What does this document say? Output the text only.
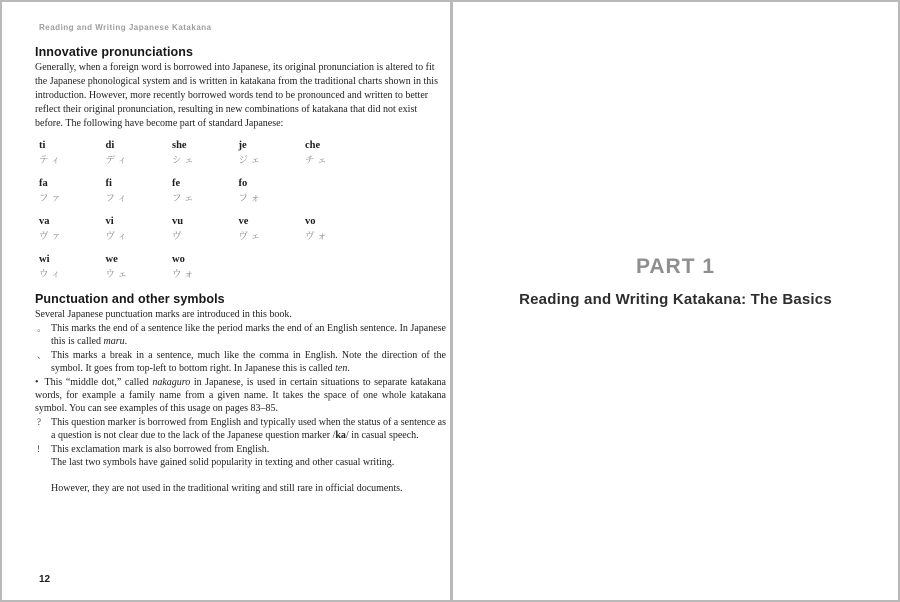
Reading and Writing Japanese Katakana
Innovative pronunciations

Generally, when a foreign word is borrowed into Japanese, its original pronunciation is altered to fit the Japanese phonological system and is written in katakana from the traditional charts shown in this introduction. However, more recently borrowed words tend to be pronounced and written to better reflect their original pronunciation, resulting in new combinations of katakana that did not exist before. The following have become part of standard Japanese:

ti
ティ
di
ディ
she
シェ
je
ジェ
che
チェ
fa
ファ
fi
フィ
fe
フェ
fo
フォ
va
ヴァ
vi
ヴィ
vu
ヴ
ve
ヴェ
vo
ヴォ
wi
ウィ
we
ウェ
wo
ウォ
Punctuation and other symbols

Several Japanese punctuation marks are introduced in this book.

。 This marks the end of a sentence like the period marks the end of an English sentence. In Japanese this is called maru.
、 This marks a break in a sentence, much like the comma in English. Note the direction of the symbol. It goes from top-left to bottom right. In Japanese this is called ten.
• This “middle dot,” called nakaguro in Japanese, is used in certain situations to separate katakana words, for example a family name from a given name. It takes the space of one whole katakana symbol. You can see examples of this usage on pages 83–85.
? This question marker is borrowed from English and typically used when the status of a sentence as a question is not clear due to the lack of the Japanese question marker /ka/ in casual speech.
! This exclamation mark is also borrowed from English.
The last two symbols have gained solid popularity in texting and other casual writing.

However, they are not used in the traditional writing and still rare in official documents.

12
PART 1
Reading and Writing Katakana: The Basics
